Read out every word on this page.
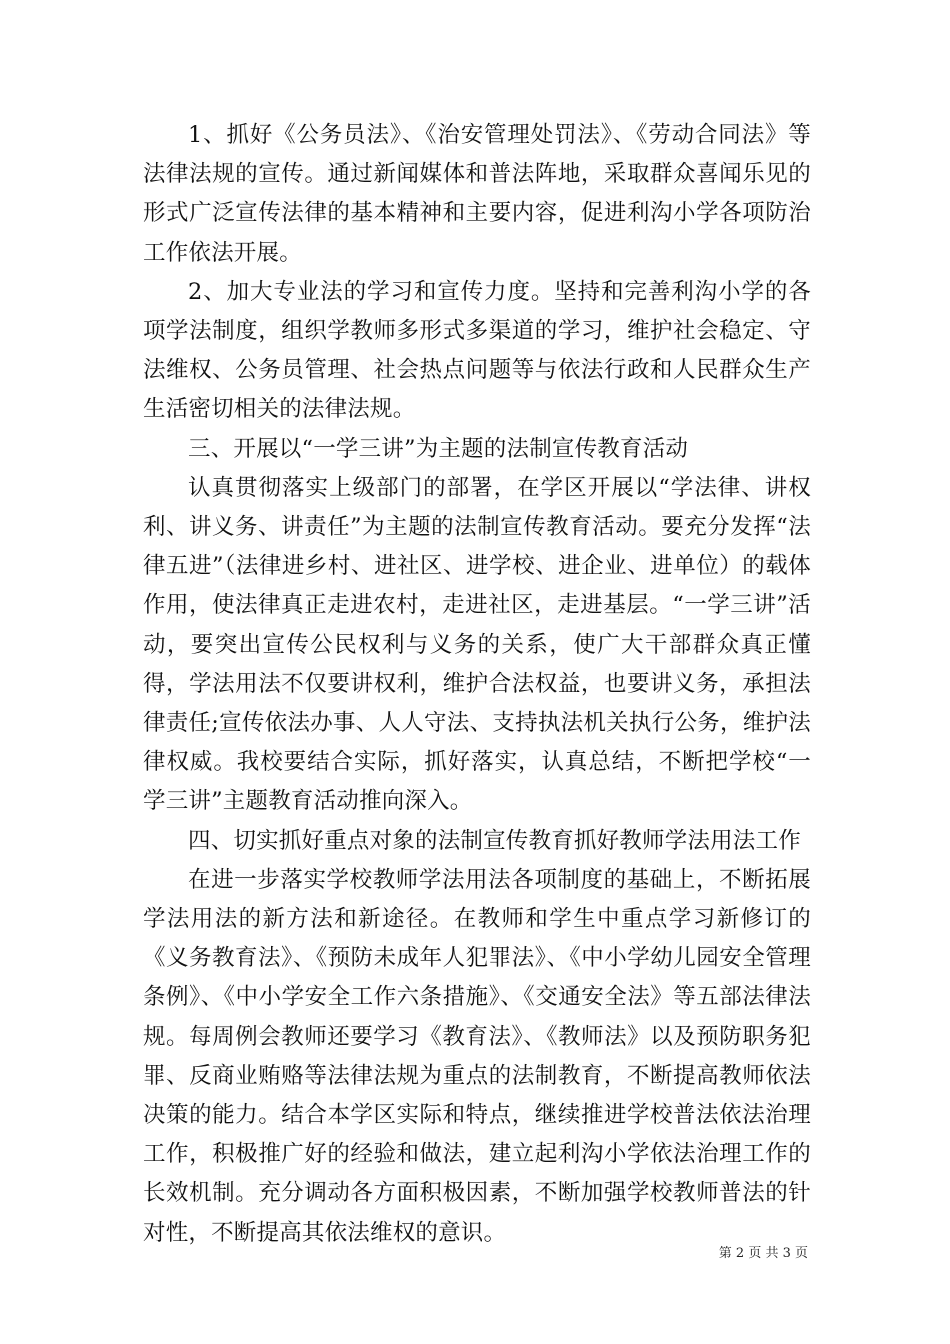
1、抓好《公务员法》、《治安管理处罚法》、《劳动合同法》等法律法规的宣传。通过新闻媒体和普法阵地，采取群众喜闻乐见的形式广泛宣传法律的基本精神和主要内容，促进利沟小学各项防治工作依法开展。

2、加大专业法的学习和宣传力度。坚持和完善利沟小学的各项学法制度，组织学教师多形式多渠道的学习，维护社会稳定、守法维权、公务员管理、社会热点问题等与依法行政和人民群众生产生活密切相关的法律法规。

三、开展以“一学三讲”为主题的法制宣传教育活动

认真贯彻落实上级部门的部署，在学区开展以“学法律、讲权利、讲义务、讲责任”为主题的法制宣传教育活动。要充分发挥“法律五进”（法律进乡村、进社区、进学校、进企业、进单位）的载体作用，使法律真正走进农村，走进社区，走进基层。“一学三讲”活动，要突出宣传公民权利与义务的关系，使广大干部群众真正懂得，学法用法不仅要讲权利，维护合法权益，也要讲义务，承担法律责任;宣传依法办事、人人守法、支持执法机关执行公务，维护法律权威。我校要结合实际，抓好落实，认真总结，不断把学校“一学三讲”主题教育活动推向深入。

四、切实抓好重点对象的法制宣传教育抓好教师学法用法工作

在进一步落实学校教师学法用法各项制度的基础上，不断拓展学法用法的新方法和新途径。在教师和学生中重点学习新修订的《义务教育法》、《预防未成年人犯罪法》、《中小学幼儿园安全管理条例》、《中小学安全工作六条措施》、《交通安全法》等五部法律法规。每周例会教师还要学习《教育法》、《教师法》以及预防职务犯罪、反商业贿赂等法律法规为重点的法制教育，不断提高教师依法决策的能力。结合本学区实际和特点，继续推进学校普法依法治理工作，积极推广好的经验和做法，建立起利沟小学依法治理工作的长效机制。充分调动各方面积极因素，不断加强学校教师普法的针对性，不断提高其依法维权的意识。

第 2 页 共 3 页
